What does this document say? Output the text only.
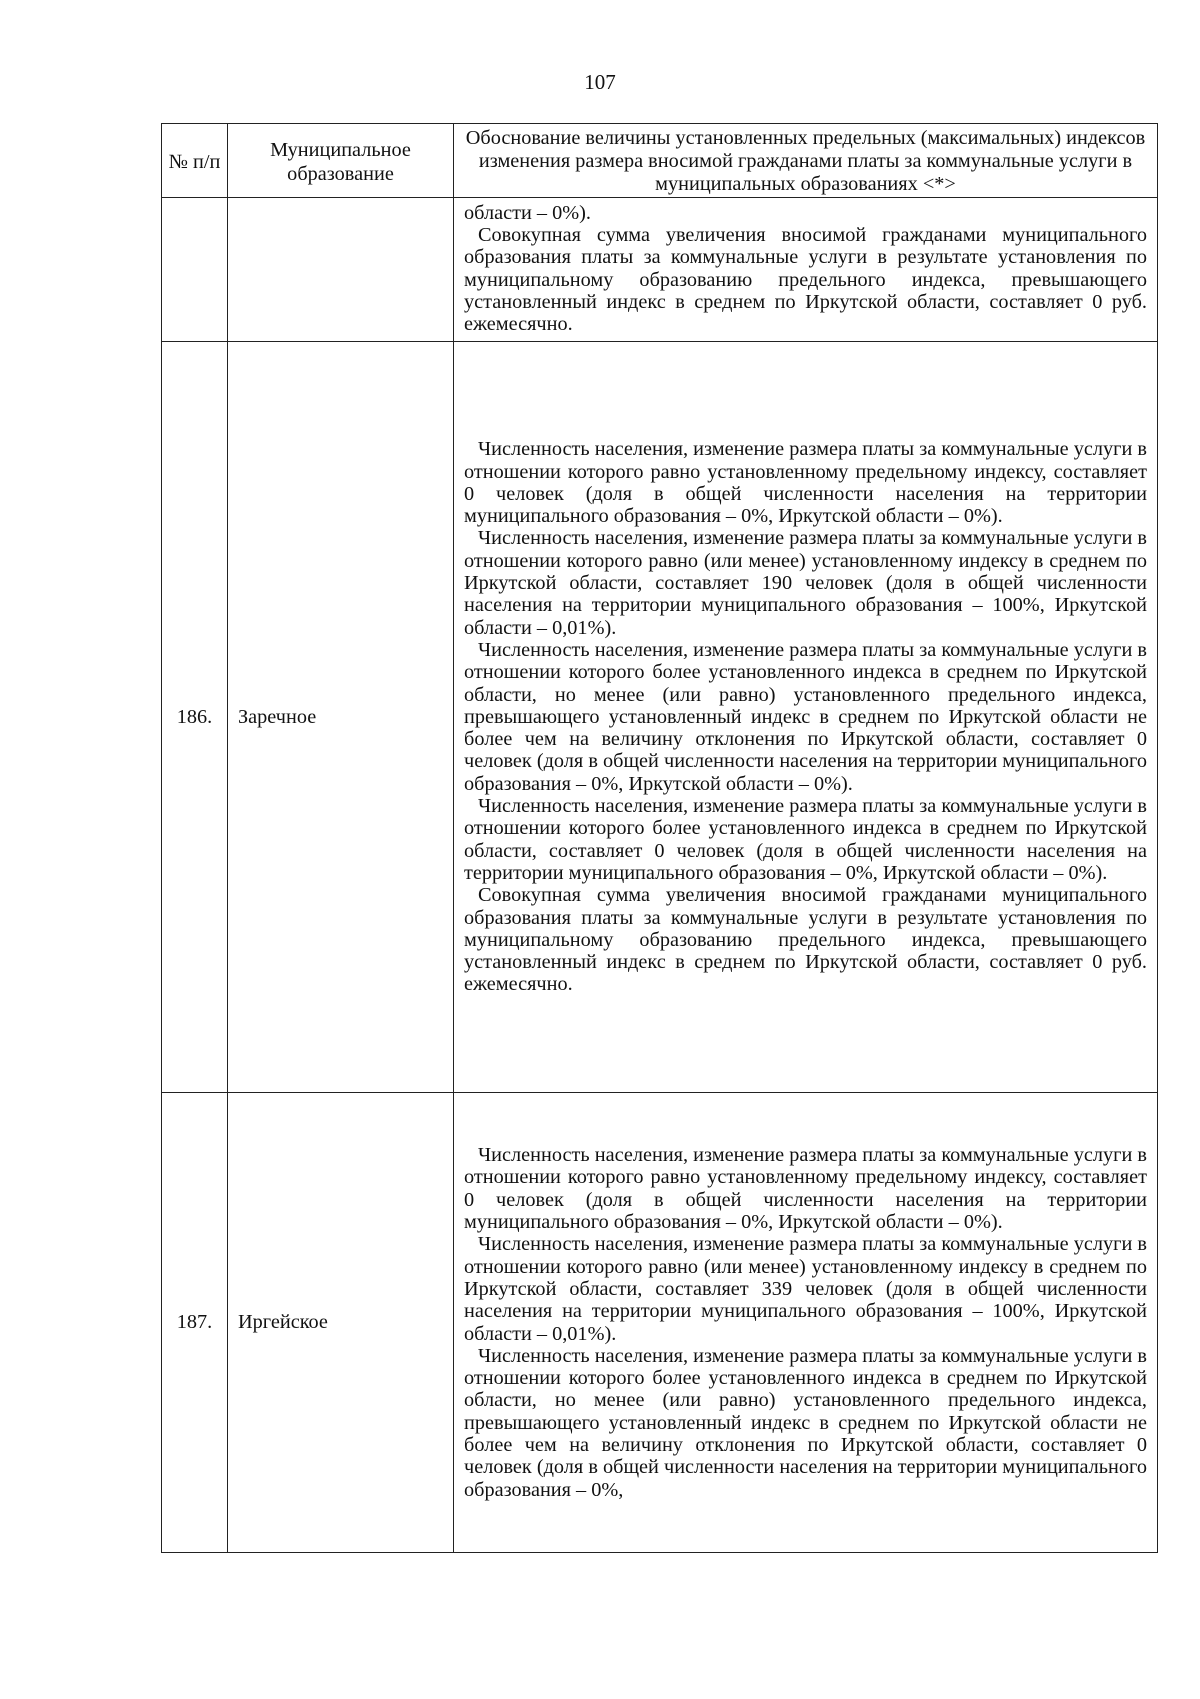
107
№ п/п	Муниципальное образование	Обоснование величины установленных предельных (максимальных) индексов изменения размера вносимой гражданами платы за коммунальные услуги в муниципальных образованиях <*>

		области – 0%).

Совокупная сумма увеличения вносимой гражданами муниципального образования платы за коммунальные услуги в результате установления по муниципальному образованию предельного индекса, превышающего установленный индекс в среднем по Иркутской области, составляет 0 руб. ежемесячно.

186.	Заречное	Численность населения, изменение размера платы за коммунальные услуги в отношении которого равно установленному предельному индексу, составляет 0 человек (доля в общей численности населения на территории муниципального образования – 0%, Иркутской области – 0%).

Численность населения, изменение размера платы за коммунальные услуги в отношении которого равно (или менее) установленному индексу в среднем по Иркутской области, составляет 190 человек (доля в общей численности населения на территории муниципального образования – 100%, Иркутской области – 0,01%).

Численность населения, изменение размера платы за коммунальные услуги в отношении которого более установленного индекса в среднем по Иркутской области, но менее (или равно) установленного предельного индекса, превышающего установленный индекс в среднем по Иркутской области не более чем на величину отклонения по Иркутской области, составляет 0 человек (доля в общей численности населения на территории муниципального образования – 0%, Иркутской области – 0%).

Численность населения, изменение размера платы за коммунальные услуги в отношении которого более установленного индекса в среднем по Иркутской области, составляет 0 человек (доля в общей численности населения на территории муниципального образования – 0%, Иркутской области – 0%).

Совокупная сумма увеличения вносимой гражданами муниципального образования платы за коммунальные услуги в результате установления по муниципальному образованию предельного индекса, превышающего установленный индекс в среднем по Иркутской области, составляет 0 руб. ежемесячно.

187.	Иргейское	Численность населения, изменение размера платы за коммунальные услуги в отношении которого равно установленному предельному индексу, составляет 0 человек (доля в общей численности населения на территории муниципального образования – 0%, Иркутской области – 0%).

Численность населения, изменение размера платы за коммунальные услуги в отношении которого равно (или менее) установленному индексу в среднем по Иркутской области, составляет 339 человек (доля в общей численности населения на территории муниципального образования – 100%, Иркутской области – 0,01%).

Численность населения, изменение размера платы за коммунальные услуги в отношении которого более установленного индекса в среднем по Иркутской области, но менее (или равно) установленного предельного индекса, превышающего установленный индекс в среднем по Иркутской области не более чем на величину отклонения по Иркутской области, составляет 0 человек (доля в общей численности населения на территории муниципального образования – 0%,
